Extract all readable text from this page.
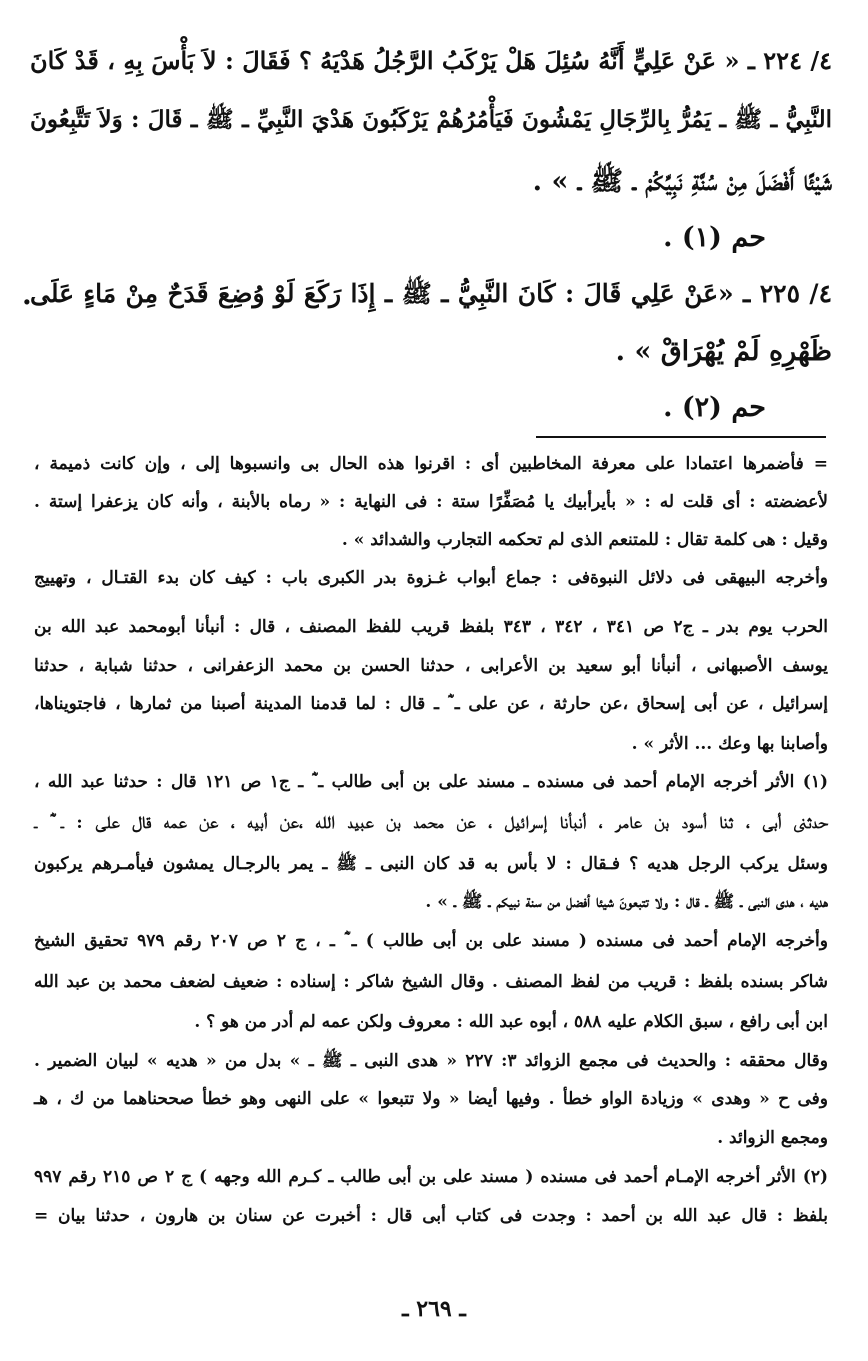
٤/ ٢٢٤ ـ « عَنْ عَلِيٍّ أَنَّهُ سُئِلَ هَلْ يَرْكَبُ الرَّجُلُ هَدْيَهُ ؟ فَقَالَ : لاَ بَأْسَ بِهِ ، قَدْ كَانَ
النَّبِيُّ ـ ﷺ ـ يَمُرُّ بِالرِّجَالِ يَمْشُونَ فَيَأْمُرُهُمْ يَرْكَبُونَ هَدْيَ النَّبِيِّ ـ ﷺ ـ قَالَ : وَلاَ تَتَّبِعُونَ
شَيْئًا أَفْضَلَ مِنْ سُنَّةِ نَبِيِّكُمْ ـ ﷺ ـ » .
حم (١) .
.
٤/ ٢٢٥ ـ «عَنْ عَلِي قَالَ : كَانَ النَّبِيُّ ـ ﷺ ـ إِذَا رَكَعَ لَوْ وُضِعَ قَدَحٌ مِنْ مَاءٍ عَلَى
ظَهْرِهِ لَمْ يُهْرَاقْ » .
حم (٢) .
= فأضمرها اعتمادا على معرفة المخاطبين أى : اقرنوا هذه الحال بى وانسبوها إلى ، وإن كانت ذميمة ،
لأعضضته : أى قلت له : « بأيرأبيك يا مُصَفِّرًا ستة : فى النهاية : « رماه بالأبنة ، وأنه كان يزعفرا إستة .
وقيل : هى كلمة تقال : للمتنعم الذى لم تحكمه التجارب والشدائد » .
وأخرجه البيهقى فى دلائل النبوةفى : جماع أبواب غـزوة بدر الكبرى باب : كيف كان بدء القتـال ، وتهييج
الحرب يوم بدر ـ ج٢ ص ٣٤١ ، ٣٤٢ ، ٣٤٣ بلفظ قريب للفظ المصنف ، قال : أنبأنا أبومحمد عبد الله بن
يوسف الأصبهانى ، أنبأنا أبو سعيد بن الأعرابى ، حدثنا الحسن بن محمد الزعفرانى ، حدثنا شبابة ، حدثنا
إسرائيل ، عن أبى إسحاق ،عن حارثة ، عن على ـ ؓ ـ قال : لما قدمنا المدينة أصبنا من ثمارها ، فاجتويناها،
وأصابنا بها وعك ... الأثر » .
(١) الأثر أخرجه الإمام أحمد فى مسنده ـ مسند على بن أبى طالب ـ ؓ ـ ج١ ص ١٢١ قال : حدثنا عبد الله ،
حدثنى أبى ، ثنا أسود بن عامر ، أنبأنا إسرائيل ، عن محمد بن عبيد الله ،عن أبيه ، عن عمه قال على : ـ ؓ ـ
وسئل يركب الرجل هديه ؟ فـقال : لا بأس به قد كان النبى ـ ﷺ ـ يمر بالرجـال يمشون فيأمـرهم يركبون
هديه ، هدى النبى ـ ﷺ ـ قال : ولا تتبعونَ شيئا أفضل من سنة نبيكم ـ ﷺ ـ » .
وأخرجه الإمام أحمد فى مسنده ( مسند على بن أبى طالب ) ـ ؓ ـ ، ج ٢ ص ٢٠٧ رقم ٩٧٩ تحقيق الشيخ
شاكر بسنده بلفظ : قريب من لفظ المصنف . وقال الشيخ شاكر : إسناده : ضعيف لضعف محمد بن عبد الله
ابن أبى رافع ، سبق الكلام عليه ٥٨٨ ، أبوه عبد الله : معروف ولكن عمه لم أدر من هو ؟ .
وقال محققه : والحديث فى مجمع الزوائد ٣: ٢٢٧ « هدى النبى ـ ﷺ ـ » بدل من « هديه » لبيان الضمير .
وفى ح « وهدى » وزيادة الواو خطأ . وفيها أيضا « ولا تتبعوا » على النهى وهو خطأ صححناهما من ك ، هـ
ومجمع الزوائد .
(٢) الأثر أخرجه الإمـام أحمد فى مسنده ( مسند على بن أبى طالب ـ كـرم الله وجهه ) ج ٢ ص ٢١٥ رقم ٩٩٧
بلفظ : قال عبد الله بن أحمد : وجدت فى كتاب أبى قال : أخبرت عن سنان بن هارون ، حدثنا بيان =
ـ ٢٦٩ ـ
